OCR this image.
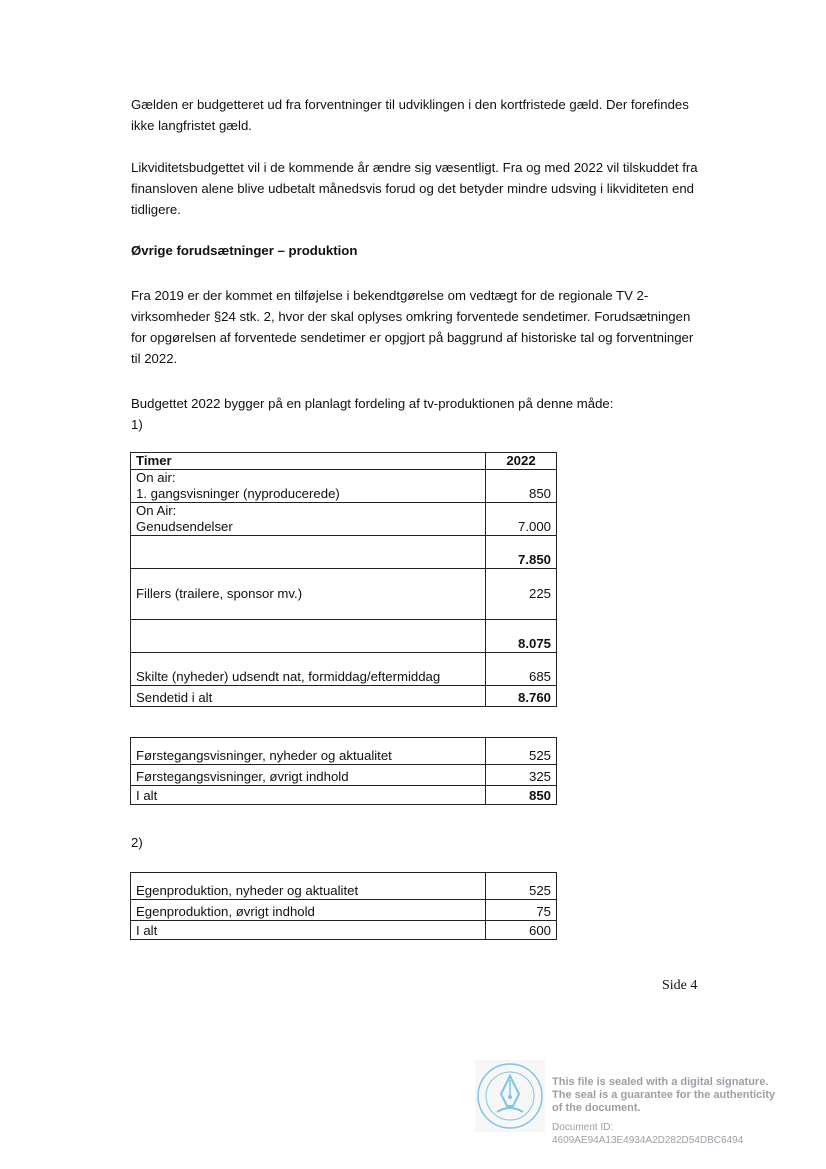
Gælden er budgetteret ud fra forventninger til udviklingen i den kortfristede gæld. Der forefindes ikke langfristet gæld.

Likviditetsbudgettet vil i de kommende år ændre sig væsentligt. Fra og med 2022 vil tilskuddet fra finansloven alene blive udbetalt månedsvis forud og det betyder mindre udsving i likviditeten end tidligere.

Øvrige forudsætninger – produktion

Fra 2019 er der kommet en tilføjelse i bekendtgørelse om vedtægt for de regionale TV 2-virksomheder §24 stk. 2, hvor der skal oplyses omkring forventede sendetimer. Forudsætningen for opgørelsen af forventede sendetimer er opgjort på baggrund af historiske tal og forventninger til 2022.

Budgettet 2022 bygger på en planlagt fordeling af tv-produktionen på denne måde:

1)

Timer	2022

On air:
1. gangsvisninger (nyproducerede)	850

On Air:
Genudsendelser	7.000
	7.850
Fillers (trailere, sponsor mv.)	225
	8.075
Skilte (nyheder) udsendt nat, formiddag/eftermiddag	685
Sendetid i alt	8.760
Førstegangsvisninger, nyheder og aktualitet	525
Førstegangsvisninger, øvrigt indhold	325
I alt	850

2)

Egenproduktion, nyheder og aktualitet	525
Egenproduktion, øvrigt indhold	75
I alt	600
Side 4
This file is sealed with a digital signature.
The seal is a guarantee for the authenticity
of the document.
Document ID:
4609AE94A13E4934A2D282D54DBC6494
